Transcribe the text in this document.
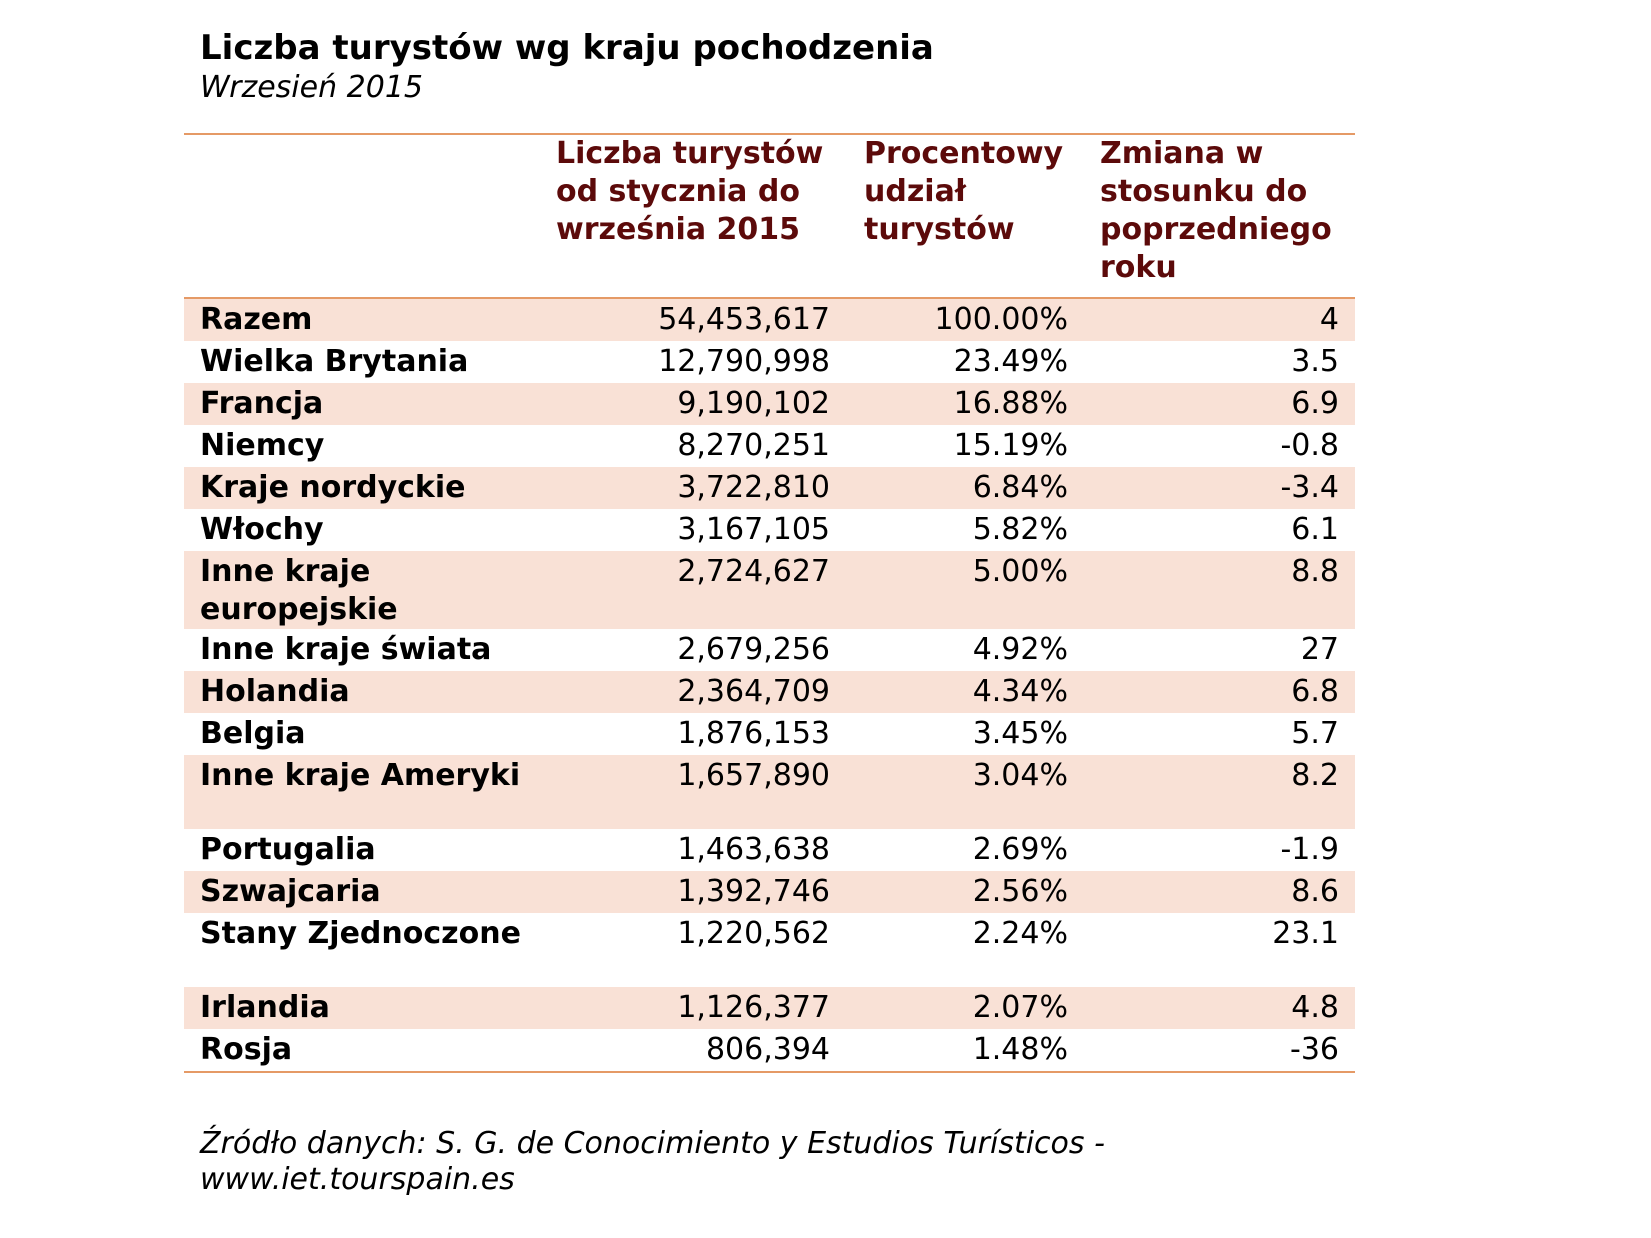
Liczba turystów wg kraju pochodzenia
Wrzesień 2015

	Liczba turystów od stycznia do września 2015	Procentowy udział turystów	Zmiana w stosunku do poprzedniego roku

Razem	54,453,617	100.00%	4
Wielka Brytania	12,790,998	23.49%	3.5
Francja	9,190,102	16.88%	6.9
Niemcy	8,270,251	15.19%	-0.8
Kraje nordyckie	3,722,810	6.84%	-3.4
Włochy	3,167,105	5.82%	6.1
Inne kraje europejskie	2,724,627	5.00%	8.8
Inne kraje świata	2,679,256	4.92%	27
Holandia	2,364,709	4.34%	6.8
Belgia	1,876,153	3.45%	5.7
Inne kraje Ameryki	1,657,890	3.04%	8.2
Portugalia	1,463,638	2.69%	-1.9
Szwajcaria	1,392,746	2.56%	8.6
Stany Zjednoczone	1,220,562	2.24%	23.1
Irlandia	1,126,377	2.07%	4.8
Rosja	806,394	1.48%	-36
Źródło danych: S. G. de Conocimiento y Estudios Turísticos -
www.iet.tourspain.es
